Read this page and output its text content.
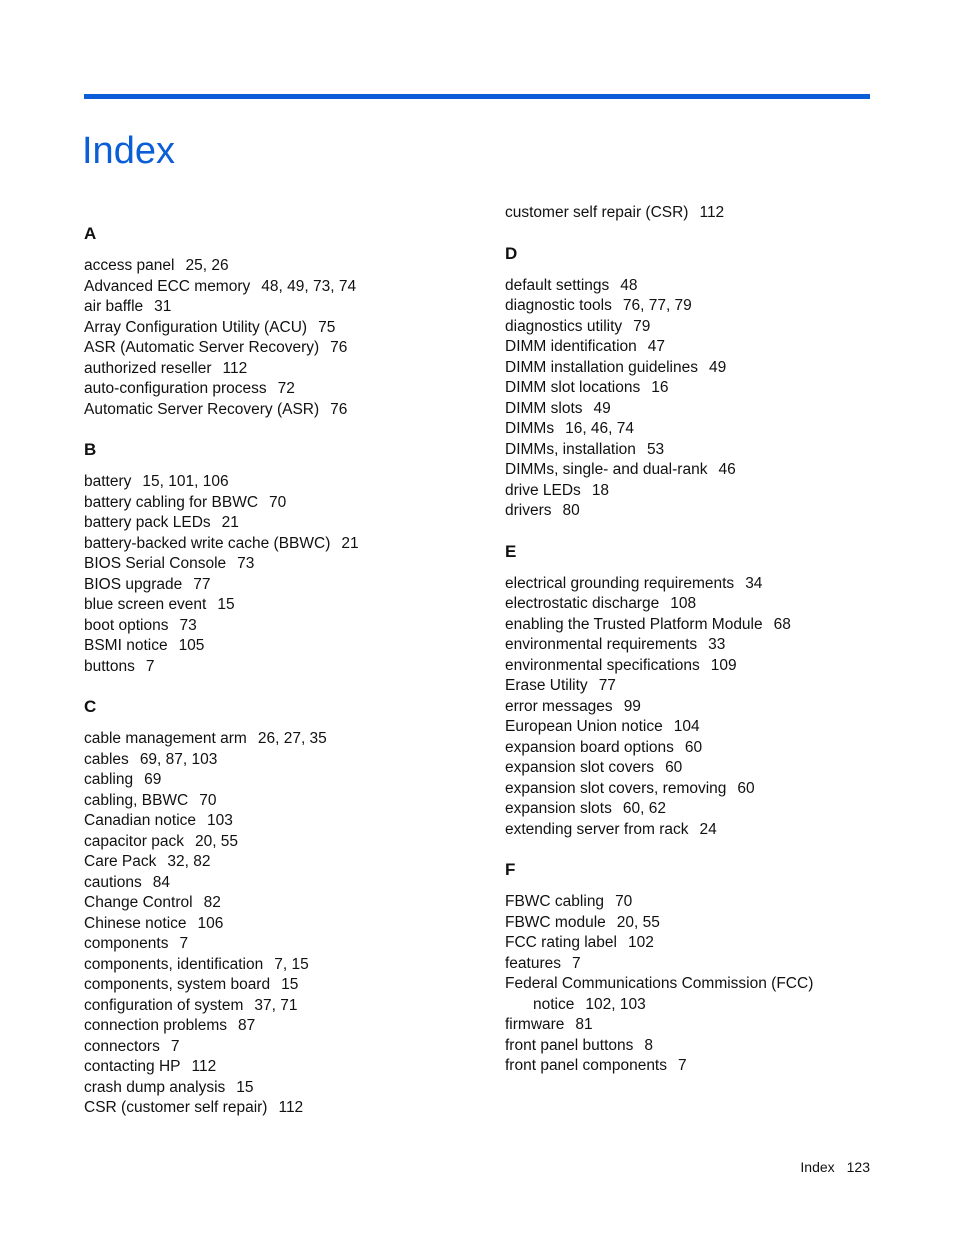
Index
A
access panel 25, 26
Advanced ECC memory 48, 49, 73, 74
air baffle 31
Array Configuration Utility (ACU) 75
ASR (Automatic Server Recovery) 76
authorized reseller 112
auto-configuration process 72
Automatic Server Recovery (ASR) 76
B
battery 15, 101, 106
battery cabling for BBWC 70
battery pack LEDs 21
battery-backed write cache (BBWC) 21
BIOS Serial Console 73
BIOS upgrade 77
blue screen event 15
boot options 73
BSMI notice 105
buttons 7
C
cable management arm 26, 27, 35
cables 69, 87, 103
cabling 69
cabling, BBWC 70
Canadian notice 103
capacitor pack 20, 55
Care Pack 32, 82
cautions 84
Change Control 82
Chinese notice 106
components 7
components, identification 7, 15
components, system board 15
configuration of system 37, 71
connection problems 87
connectors 7
contacting HP 112
crash dump analysis 15
CSR (customer self repair) 112
customer self repair (CSR) 112
D
default settings 48
diagnostic tools 76, 77, 79
diagnostics utility 79
DIMM identification 47
DIMM installation guidelines 49
DIMM slot locations 16
DIMM slots 49
DIMMs 16, 46, 74
DIMMs, installation 53
DIMMs, single- and dual-rank 46
drive LEDs 18
drivers 80
E
electrical grounding requirements 34
electrostatic discharge 108
enabling the Trusted Platform Module 68
environmental requirements 33
environmental specifications 109
Erase Utility 77
error messages 99
European Union notice 104
expansion board options 60
expansion slot covers 60
expansion slot covers, removing 60
expansion slots 60, 62
extending server from rack 24
F
FBWC cabling 70
FBWC module 20, 55
FCC rating label 102
features 7
Federal Communications Commission (FCC)
notice 102, 103
firmware 81
front panel buttons 8
front panel components 7
Index 123
